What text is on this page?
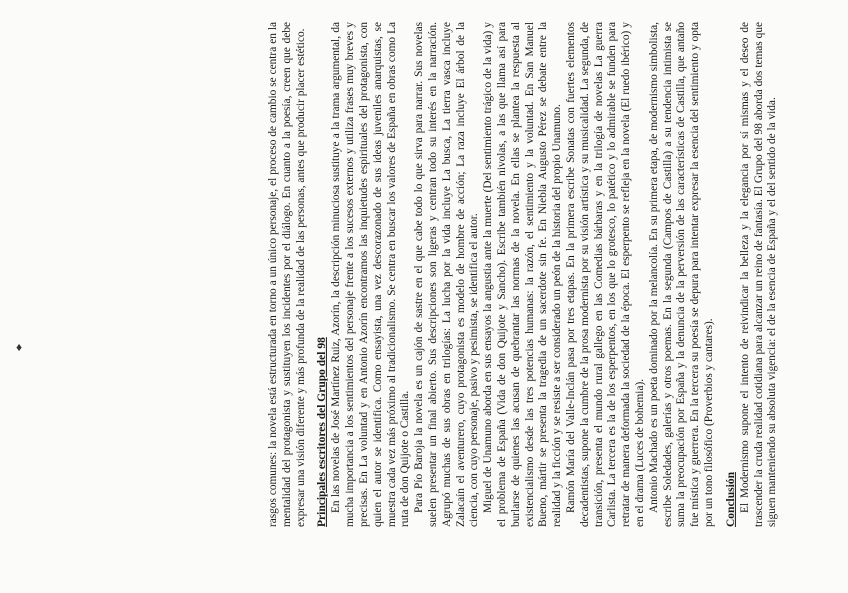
rasgos comunes: la novela está estructurada en torno a un único personaje, el proceso de cambio se centra en la mentalidad del protagonista y sustituyen los incidentes por el diálogo. En cuanto a la poesía, creen que debe expresar una visión diferente y más profunda de la realidad de las personas, antes que producir placer estético. Principales escritores del Grupo del 98 En las novelas de José Martínez Ruiz, Azorín, la descripción minuciosa sustituye a la trama argumental, da mucha importancia a los sentimientos del personaje frente a los sucesos externos y utiliza frases muy breves y precisas. En La voluntad y en Antonio Azorín encontramos las inquietudes espirituales del protagonista, con quien el autor se identifica. Como ensayista, una vez descorazonado de sus ideas juveniles anarquistas, se muestra cada vez más próximo al tradicionalismo. Se centra en buscar los valores de España en obras como La ruta de don Quijote o Castilla. Para Pío Baroja la novela es un cajón de sastre en el que cabe todo lo que sirva para narrar. Sus novelas suelen presentar un final abierto. Sus descripciones son ligeras y centran todo su interés en la narración. Agrupó muchas de sus obras en trilogías: La lucha por la vida incluye La busca, La tierra vasca incluye Zalacaín el aventurero, cuyo protagonista es modelo de hombre de acción; La raza incluye El árbol de la ciencia, con cuyo personaje, pasivo y pesimista, se identifica el autor. Miguel de Unamuno aborda en sus ensayos la angustia ante la muerte (Del sentimiento trágico de la vida) y el problema de España (Vida de don Quijote y Sancho). Escribe también nivolas, a las que llama así para burlarse de quienes las acusan de quebrantar las normas de la novela. En ellas se plantea la respuesta al existencialismo desde las tres potencias humanas: la razón, el sentimiento y la voluntad. En San Manuel Bueno, mártir se presenta la tragedia de un sacerdote sin fe. En Niebla Augusto Pérez se debate entre la realidad y la ficción y se resiste a ser considerado un peón de la historia del propio Unamuno. Ramón María del Valle-Inclán pasa por tres etapas. En la primera escribe Sonatas con fuertes elementos decadentistas, supone la cumbre de la prosa modernista por su visión artística y su musicalidad. La segunda, de transición, presenta el mundo rural gallego en las Comedias bárbaras y en la trilogía de novelas La guerra Carlista. La tercera es la de los esperpentos, en los que lo grotesco, lo patético y lo admirable se funden para retratar de manera deformada la sociedad de la época. El esperpento se refleja en la novela (El ruedo ibérico) y en el drama (Luces de bohemia). Antonio Machado es un poeta dominado por la melancolía. En su primera etapa, de modernismo simbolista, escribe Soledades, galerías y otros poemas. En la segunda (Campos de Castilla) a su tendencia intimista se suma la preocupación por España y la denuncia de la perversión de las características de Castilla, que antaño fue mística y guerrera. En la tercera su poesía se depura para intentar expresar la esencia del sentimiento y opta por un tono filosófico (Proverbios y cantares). Conclusión El Modernismo supone el intento de reivindicar la belleza y la elegancia por sí mismas y el deseo de trascender la cruda realidad cotidiana para alcanzar un reino de fantasía. El Grupo del 98 aborda dos temas que siguen manteniendo su absoluta vigencia: el de la esencia de España y el del sentido de la vida.

♦
